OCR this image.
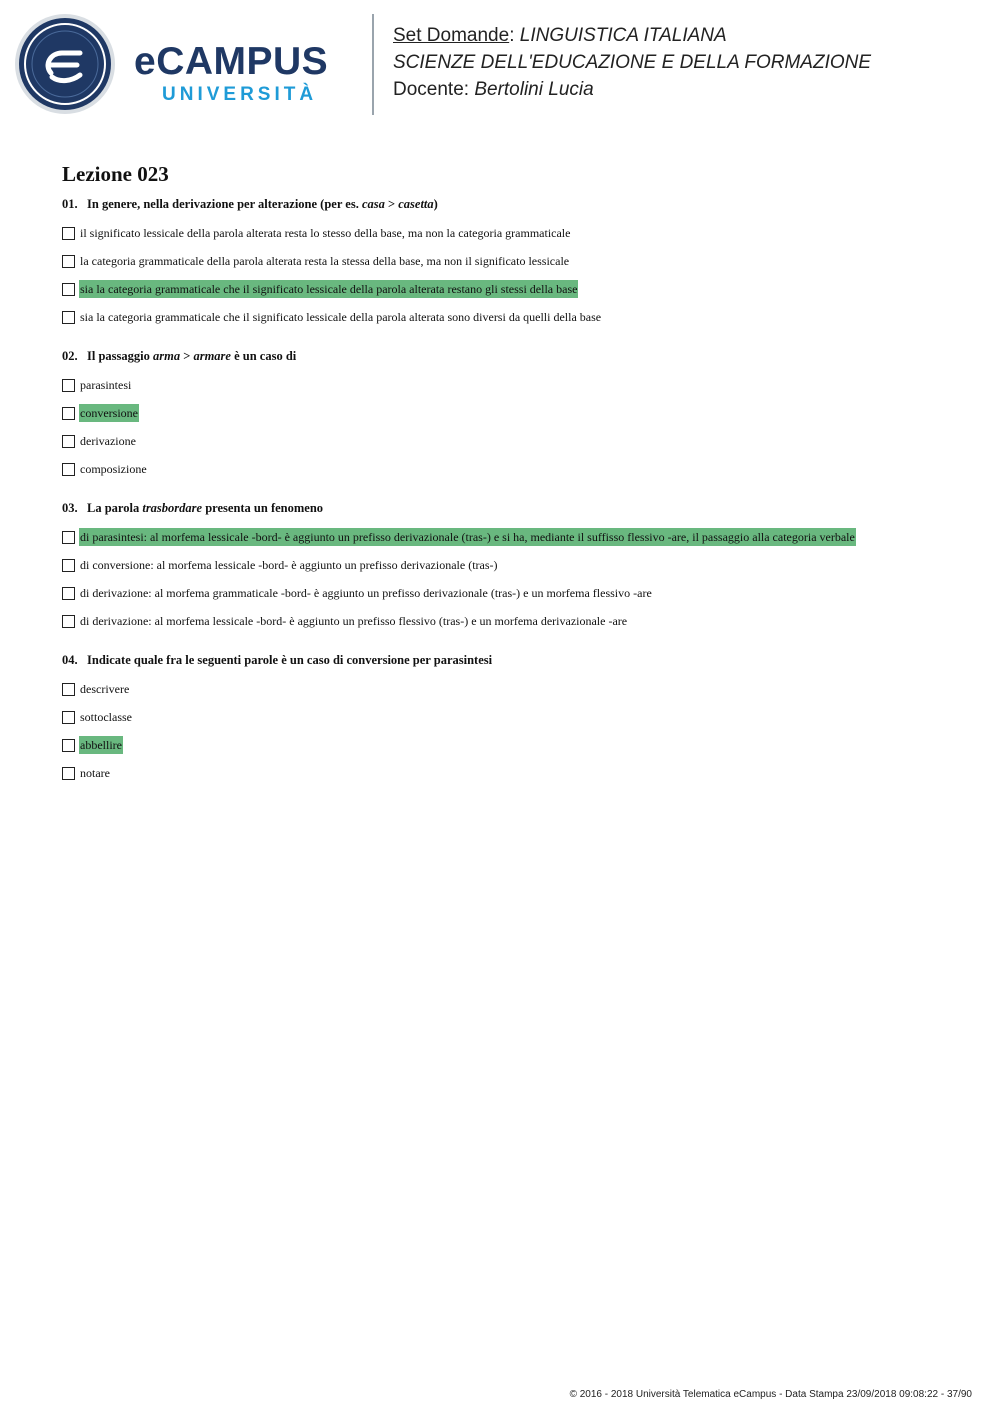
eCAMPUS
UNIVERSITÀ
Set Domande: LINGUISTICA ITALIANA
SCIENZE DELL'EDUCAZIONE E DELLA FORMAZIONE
Docente: Bertolini Lucia
Lezione 023
01. In genere, nella derivazione per alterazione (per es. casa > casetta)
il significato lessicale della parola alterata resta lo stesso della base, ma non la categoria grammaticale
la categoria grammaticale della parola alterata resta la stessa della base, ma non il significato lessicale
sia la categoria grammaticale che il significato lessicale della parola alterata restano gli stessi della base
sia la categoria grammaticale che il significato lessicale della parola alterata sono diversi da quelli della base
02. Il passaggio arma > armare è un caso di
parasintesi
conversione
derivazione
composizione
03. La parola trasbordare presenta un fenomeno
di parasintesi: al morfema lessicale -bord- è aggiunto un prefisso derivazionale (tras-) e si ha, mediante il suffisso flessivo -are, il passaggio alla categoria verbale
di conversione: al morfema lessicale -bord- è aggiunto un prefisso derivazionale (tras-)
di derivazione: al morfema grammaticale -bord- è aggiunto un prefisso derivazionale (tras-) e un morfema flessivo -are
di derivazione: al morfema lessicale -bord- è aggiunto un prefisso flessivo (tras-) e un morfema derivazionale -are
04. Indicate quale fra le seguenti parole è un caso di conversione per parasintesi
descrivere
sottoclasse
abbellire
notare
© 2016 - 2018 Università Telematica eCampus - Data Stampa 23/09/2018 09:08:22 - 37/90
